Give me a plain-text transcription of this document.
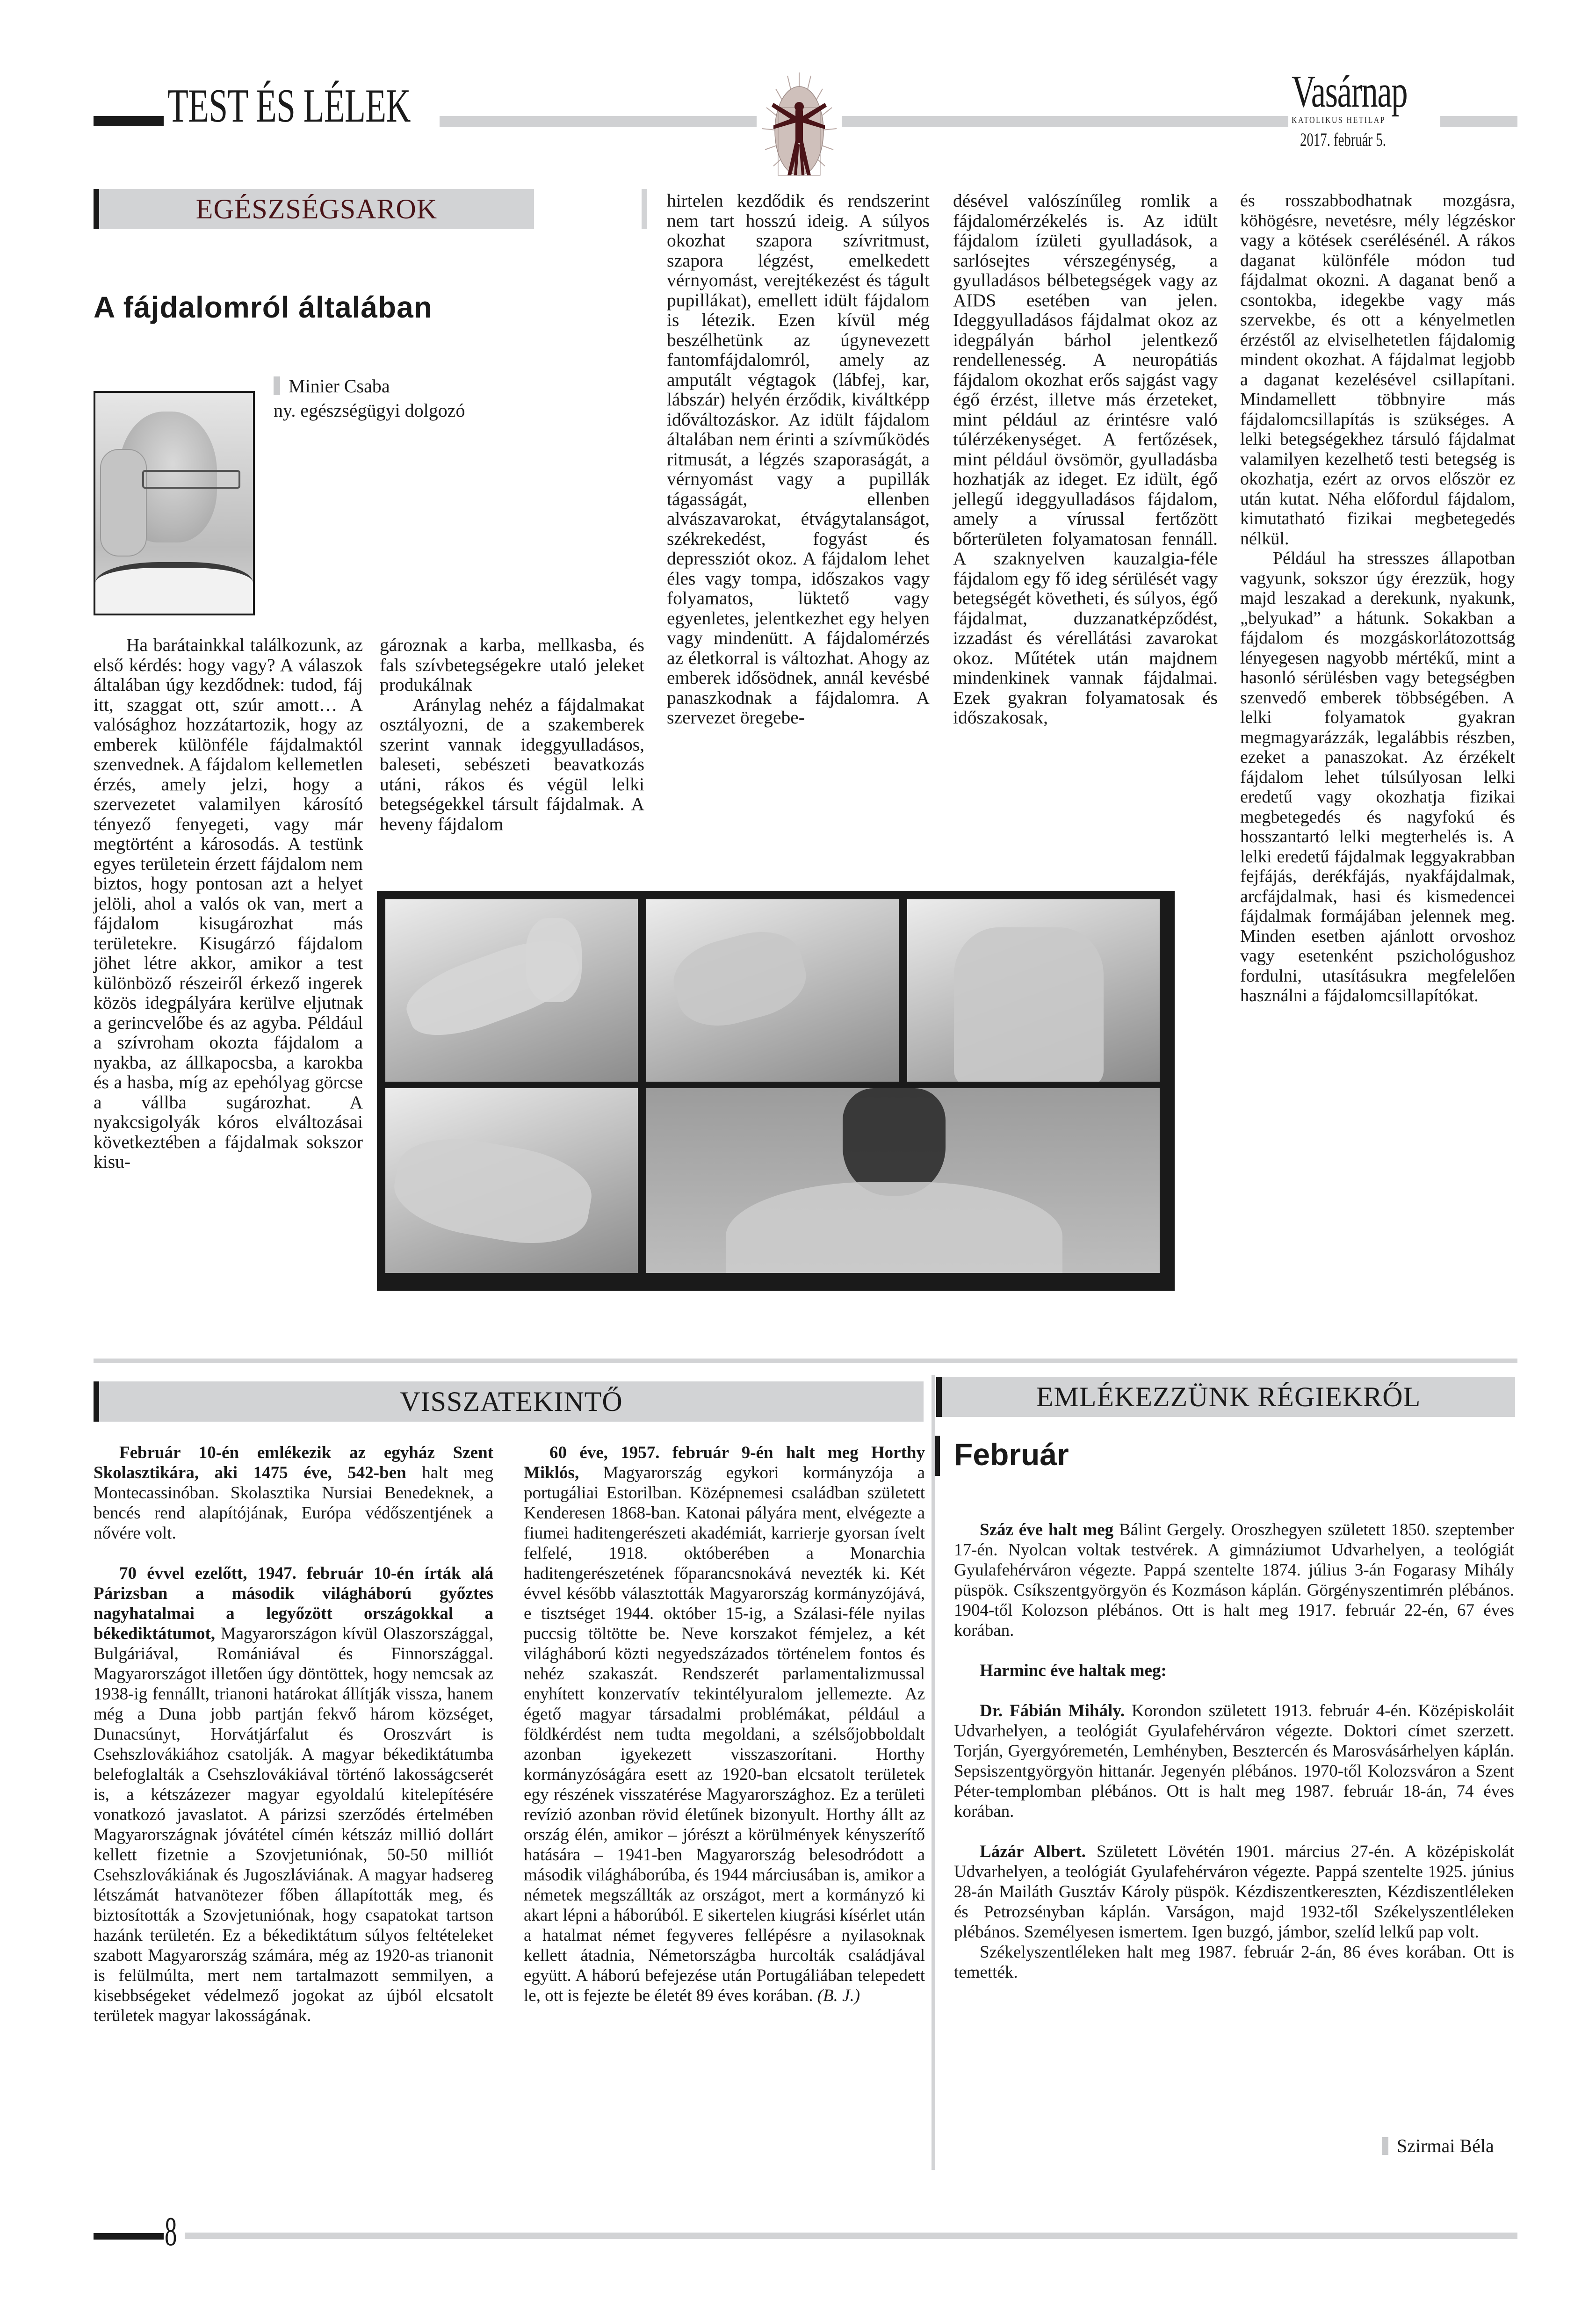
TEST ÉS LÉLEK	Vasárnap
KATOLIKUS HETILAP
2017. február 5.
EGÉSZSÉGSAROK
A fájdalomról általában
Minier Csaba
ny. egészségügyi dolgozó

Ha barátainkkal találkozunk, az első kérdés: hogy vagy? A válaszok általában úgy kezdődnek: tudod, fáj itt, szaggat ott, szúr amott… A valósághoz hozzátartozik, hogy az emberek különféle fájdalmaktól szenvednek. A fájdalom kellemetlen érzés, amely jelzi, hogy a szervezetet valamilyen károsító tényező fenyegeti, vagy már megtörtént a károsodás. A testünk egyes területein érzett fájdalom nem biztos, hogy pontosan azt a helyet jelöli, ahol a valós ok van, mert a fájdalom kisugározhat más területekre. Kisugárzó fájdalom jöhet létre akkor, amikor a test különböző részeiről érkező ingerek közös idegpályára kerülve eljutnak a gerincvelőbe és az agyba. Például a szívroham okozta fájdalom a nyakba, az állkapocsba, a karokba és a hasba, míg az epehólyag görcse a vállba sugározhat. A nyakcsigolyák kóros elváltozásai következtében a fájdalmak sokszor kisu-

gároznak a karba, mellkasba, és fals szívbetegségekre utaló jeleket produkálnak

Aránylag nehéz a fájdalmakat osztályozni, de a szakemberek szerint vannak ideggyulladásos, baleseti, sebészeti beavatkozás utáni, rákos és végül lelki betegségekkel társult fájdalmak. A heveny fájdalom

hirtelen kezdődik és rendszerint nem tart hosszú ideig. A súlyos okozhat szapora szívritmust, szapora légzést, emelkedett vérnyomást, verejtékezést és tágult pupillákat), emellett idült fájdalom is létezik. Ezen kívül még beszélhetünk az úgynevezett fantomfájdalomról, amely az amputált végtagok (lábfej, kar, lábszár) helyén érződik, kiváltképp időváltozáskor. Az idült fájdalom általában nem érinti a szívműködés ritmusát, a légzés szaporaságát, a vérnyomást vagy a pupillák tágasságát, ellenben alvászavarokat, étvágytalanságot, székrekedést, fogyást és depressziót okoz. A fájdalom lehet éles vagy tompa, időszakos vagy folyamatos, lüktető vagy egyenletes, jelentkezhet egy helyen vagy mindenütt. A fájdalomérzés az életkorral is változhat. Ahogy az emberek idősödnek, annál kevésbé panaszkodnak a fájdalomra. A szervezet öregebe-

désével valószínűleg romlik a fájdalomérzékelés is. Az idült fájdalom ízületi gyulladások, a sarlósejtes vérszegénység, a gyulladásos bélbetegségek vagy az AIDS esetében van jelen. Ideggyulladásos fájdalmat okoz az idegpályán bárhol jelentkező rendellenesség. A neuropátiás fájdalom okozhat erős sajgást vagy égő érzést, illetve más érzeteket, mint például az érintésre való túlérzékenységet. A fertőzések, mint például övsömör, gyulladásba hozhatják az ideget. Ez idült, égő jellegű ideggyulladásos fájdalom, amely a vírussal fertőzött bőrterületen folyamatosan fennáll. A szaknyelven kauzalgia-féle fájdalom egy fő ideg sérülését vagy betegségét követheti, és súlyos, égő fájdalmat, duzzanatképződést, izzadást és vérellátási zavarokat okoz. Műtétek után majdnem mindenkinek vannak fájdalmai. Ezek gyakran folyamatosak és időszakosak,

és rosszabbodhatnak mozgásra, köhögésre, nevetésre, mély légzéskor vagy a kötések cserélésénél. A rákos daganat különféle módon tud fájdalmat okozni. A daganat benő a csontokba, idegekbe vagy más szervekbe, és ott a kényelmetlen érzéstől az elviselhetetlen fájdalomig mindent okozhat. A fájdalmat legjobb a daganat kezelésével csillapítani. Mindamellett többnyire más fájdalomcsillapítás is szükséges. A lelki betegségekhez társuló fájdalmat valamilyen kezelhető testi betegség is okozhatja, ezért az orvos először ez után kutat. Néha előfordul fájdalom, kimutatható fizikai megbetegedés nélkül.

Például ha stresszes állapotban vagyunk, sokszor úgy érezzük, hogy majd leszakad a derekunk, nyakunk, „belyukad” a hátunk. Sokakban a fájdalom és mozgáskorlátozottság lényegesen nagyobb mértékű, mint a hasonló sérülésben vagy betegségben szenvedő emberek többségében. A lelki folyamatok gyakran megmagyarázzák, legalábbis részben, ezeket a panaszokat. Az érzékelt fájdalom lehet túlsúlyosan lelki eredetű vagy okozhatja fizikai megbetegedés és nagyfokú és hosszantartó lelki megterhelés is. A lelki eredetű fájdalmak leggyakrabban fejfájás, derékfájás, nyakfájdalmak, arcfájdalmak, hasi és kismedencei fájdalmak formájában jelennek meg. Minden esetben ajánlott orvoshoz vagy esetenként pszichológushoz fordulni, utasításukra megfelelően használni a fájdalomcsillapítókat.

VISSZATEKINTŐ

Február 10-én emlékezik az egyház Szent Skolasztikára, aki 1475 éve, 542-ben halt meg Montecassinóban. Skolasztika Nursiai Benedeknek, a bencés rend alapítójának, Európa védőszentjének a nővére volt.

70 évvel ezelőtt, 1947. február 10-én írták alá Párizsban a második világháború győztes nagyhatalmai a legyőzött országokkal a békediktátumot, Magyarországon kívül Olaszországgal, Bulgáriával, Romániával és Finnországgal. Magyarországot illetően úgy döntöttek, hogy nemcsak az 1938-ig fennállt, trianoni határokat állítják vissza, hanem még a Duna jobb partján fekvő három községet, Dunacsúnyt, Horvátjárfalut és Oroszvárt is Csehszlovákiához csatolják. A magyar békediktátumba belefoglalták a Csehszlovákiával történő lakosságcserét is, a kétszázezer magyar egyoldalú kitelepítésére vonatkozó javaslatot. A párizsi szerződés értelmében Magyarországnak jóvátétel címén kétszáz millió dollárt kellett fizetnie a Szovjetuniónak, 50-50 milliót Csehszlovákiának és Jugoszláviának. A magyar hadsereg létszámát hatvanötezer főben állapították meg, és biztosították a Szovjetuniónak, hogy csapatokat tartson hazánk területén. Ez a békediktátum súlyos feltételeket szabott Magyarország számára, még az 1920-as trianonit is felülmúlta, mert nem tartalmazott semmilyen, a kisebbségeket védelmező jogokat az újból elcsatolt területek magyar lakosságának.

60 éve, 1957. február 9-én halt meg Horthy Miklós, Magyarország egykori kormányzója a portugáliai Estorilban. Középnemesi családban született Kenderesen 1868-ban. Katonai pályára ment, elvégezte a fiumei haditengerészeti akadémiát, karrierje gyorsan ívelt felfelé, 1918. októberében a Monarchia haditengerészetének főparancsnokává nevezték ki. Két évvel később választották Magyarország kormányzójává, e tisztséget 1944. október 15-ig, a Szálasi-féle nyilas puccsig töltötte be. Neve korszakot fémjelez, a két világháború közti negyedszázados történelem fontos és nehéz szakaszát. Rendszerét parlamentalizmussal enyhített konzervatív tekintélyuralom jellemezte. Az égető magyar társadalmi problémákat, például a földkérdést nem tudta megoldani, a szélsőjobboldalt azonban igyekezett visszaszorítani. Horthy kormányzóságára esett az 1920-ban elcsatolt területek egy részének visszatérése Magyarországhoz. Ez a területi revízió azonban rövid életűnek bizonyult. Horthy állt az ország élén, amikor – jórészt a körülmények kényszerítő hatására – 1941-ben Magyarország belesodródott a második világháborúba, és 1944 márciusában is, amikor a németek megszállták az országot, mert a kormányzó ki akart lépni a háborúból. E sikertelen kiugrási kísérlet után a hatalmat német fegyveres fellépésre a nyilasoknak kellett átadnia, Németországba hurcolták családjával együtt. A háború befejezése után Portugáliában telepedett le, ott is fejezte be életét 89 éves korában. (B. J.)

EMLÉKEZZÜNK RÉGIEKRŐL
Február

Száz éve halt meg Bálint Gergely. Oroszhegyen született 1850. szeptember 17-én. Nyolcan voltak testvérek. A gimnáziumot Udvarhelyen, a teológiát Gyulafehérváron végezte. Pappá szentelte 1874. július 3-án Fogarasy Mihály püspök. Csíkszentgyörgyön és Kozmáson káplán. Görgényszentimrén plébános. 1904-től Kolozson plébános. Ott is halt meg 1917. február 22-én, 67 éves korában.

Harminc éve haltak meg:

Dr. Fábián Mihály. Korondon született 1913. február 4-én. Középiskoláit Udvarhelyen, a teológiát Gyulafehérváron végezte. Doktori címet szerzett. Torján, Gyergyóremetén, Lemhényben, Besztercén és Marosvásárhelyen káplán. Sepsiszentgyörgyön hittanár. Jegenyén plébános. 1970-től Kolozsváron a Szent Péter-templomban plébános. Ott is halt meg 1987. február 18-án, 74 éves korában.

Lázár Albert. Született Lövétén 1901. március 27-én. A középiskolát Udvarhelyen, a teológiát Gyulafehérváron végezte. Pappá szentelte 1925. június 28-án Mailáth Gusztáv Károly püspök. Kézdiszentkereszten, Kézdiszentléleken és Petrozsényban káplán. Varságon, majd 1932-től Székelyszentléleken plébános. Személyesen ismertem. Igen buzgó, jámbor, szelíd lelkű pap volt.

Székelyszentléleken halt meg 1987. február 2-án, 86 éves korában. Ott is temették.

Szirmai Béla
8
